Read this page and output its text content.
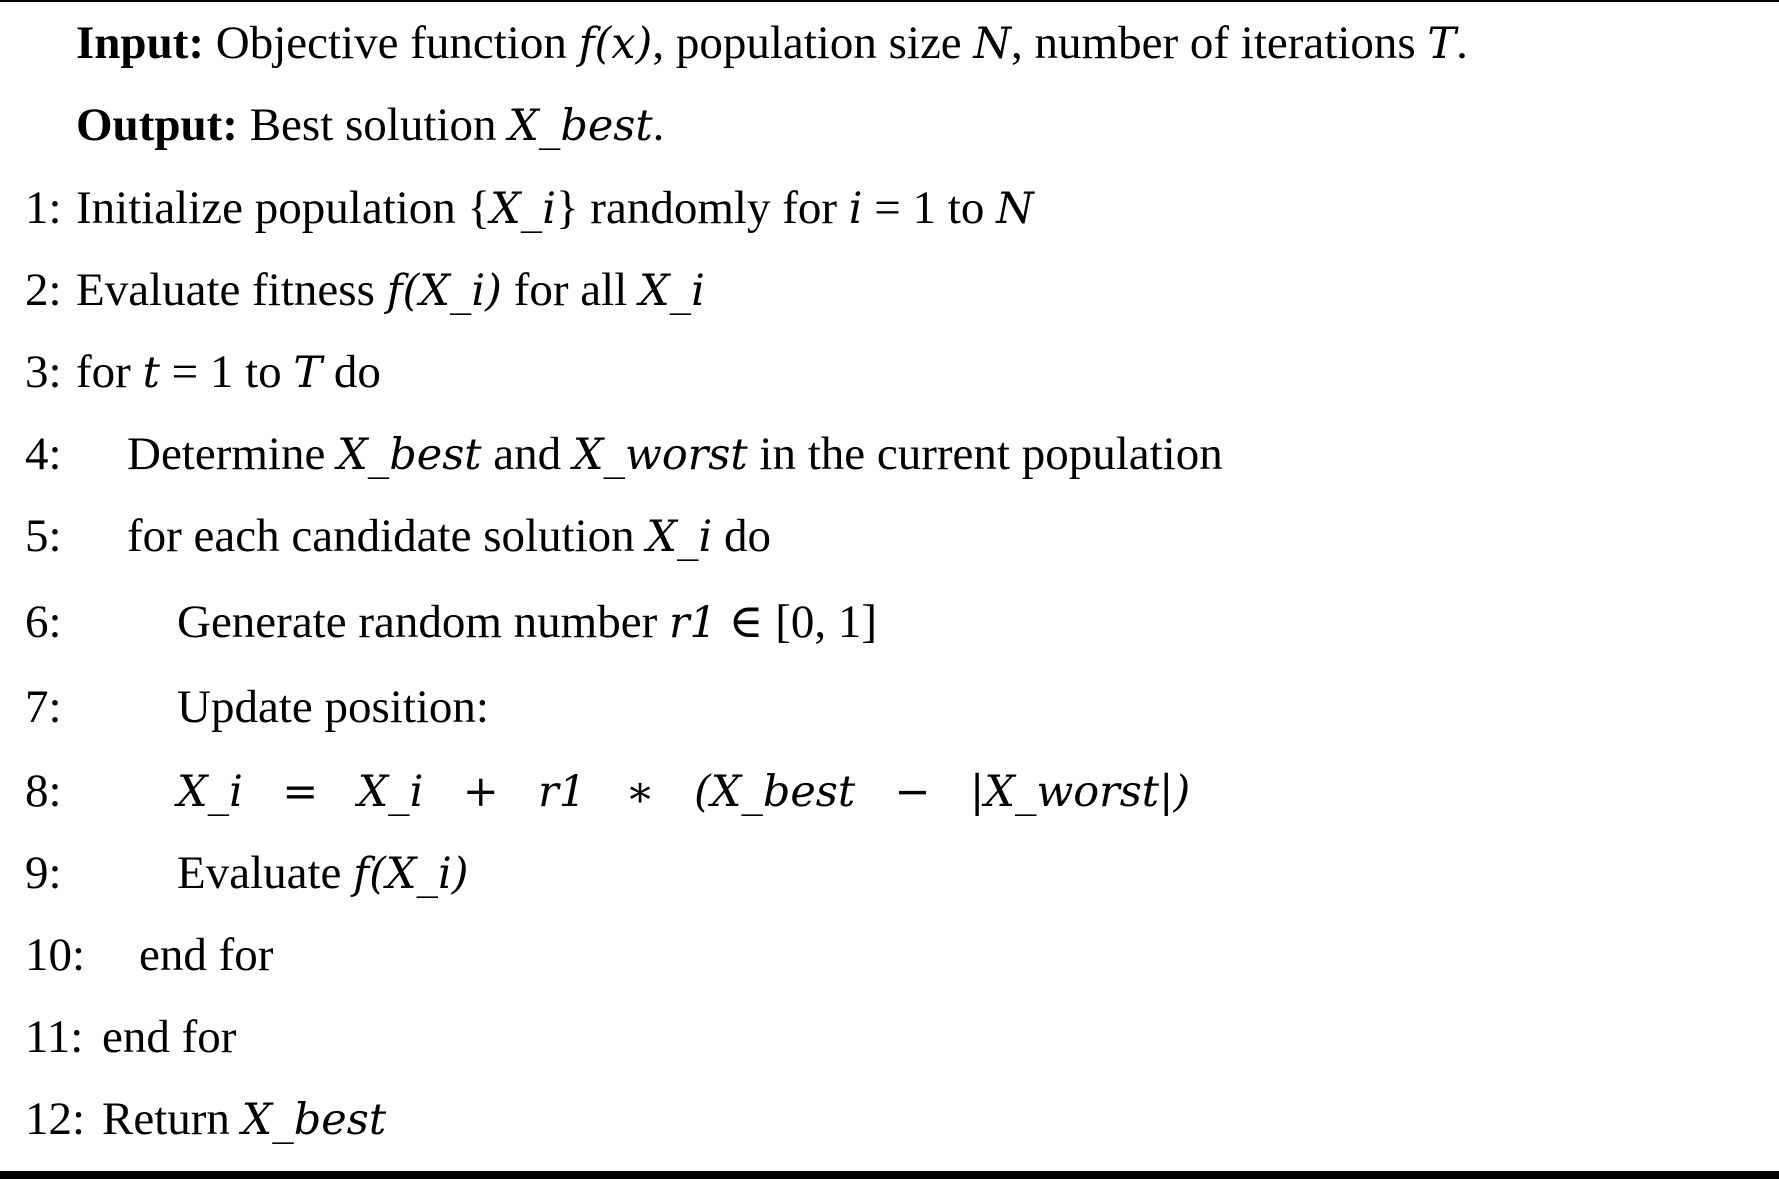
Input: Objective function f(x), population size N, number of iterations T.
Output: Best solution X_best.
1: Initialize population {X_i} randomly for i = 1 to N
2: Evaluate fitness f(X_i) for all X_i
3: for t = 1 to T do
4: Determine X_best and X_worst in the current population
5: for each candidate solution X_i do
6: Generate random number r1 ∈ [0, 1]
7: Update position:
8:	X_i  =  X_i  +  r1  ∗  (X_best  −  |X_worst|)
9: Evaluate f(X_i)
10: end for
11: end for
12: Return X_best
